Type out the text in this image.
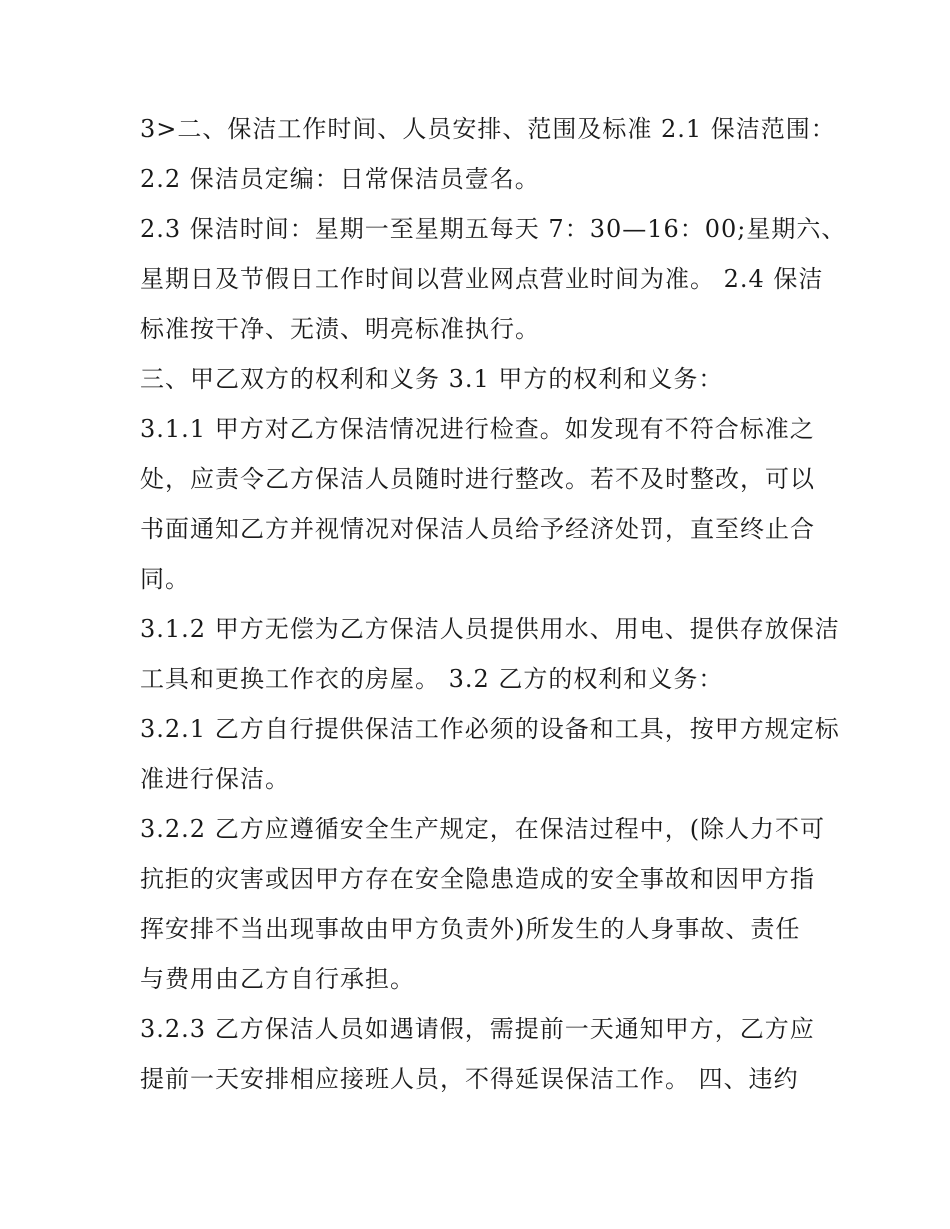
3>二、保洁工作时间、人员安排、范围及标准 2.1 保洁范围：
2.2 保洁员定编：日常保洁员壹名。
2.3 保洁时间：星期一至星期五每天 7：30—16：00;星期六、
星期日及节假日工作时间以营业网点营业时间为准。 2.4 保洁
标准按干净、无渍、明亮标准执行。
三、甲乙双方的权利和义务 3.1 甲方的权利和义务：
3.1.1 甲方对乙方保洁情况进行检查。如发现有不符合标准之
处，应责令乙方保洁人员随时进行整改。若不及时整改，可以
书面通知乙方并视情况对保洁人员给予经济处罚，直至终止合
同。
3.1.2 甲方无偿为乙方保洁人员提供用水、用电、提供存放保洁
工具和更换工作衣的房屋。 3.2 乙方的权利和义务：
3.2.1 乙方自行提供保洁工作必须的设备和工具，按甲方规定标
准进行保洁。
3.2.2 乙方应遵循安全生产规定，在保洁过程中，(除人力不可
抗拒的灾害或因甲方存在安全隐患造成的安全事故和因甲方指
挥安排不当出现事故由甲方负责外)所发生的人身事故、责任
与费用由乙方自行承担。
3.2.3 乙方保洁人员如遇请假，需提前一天通知甲方，乙方应
提前一天安排相应接班人员，不得延误保洁工作。 四、违约
